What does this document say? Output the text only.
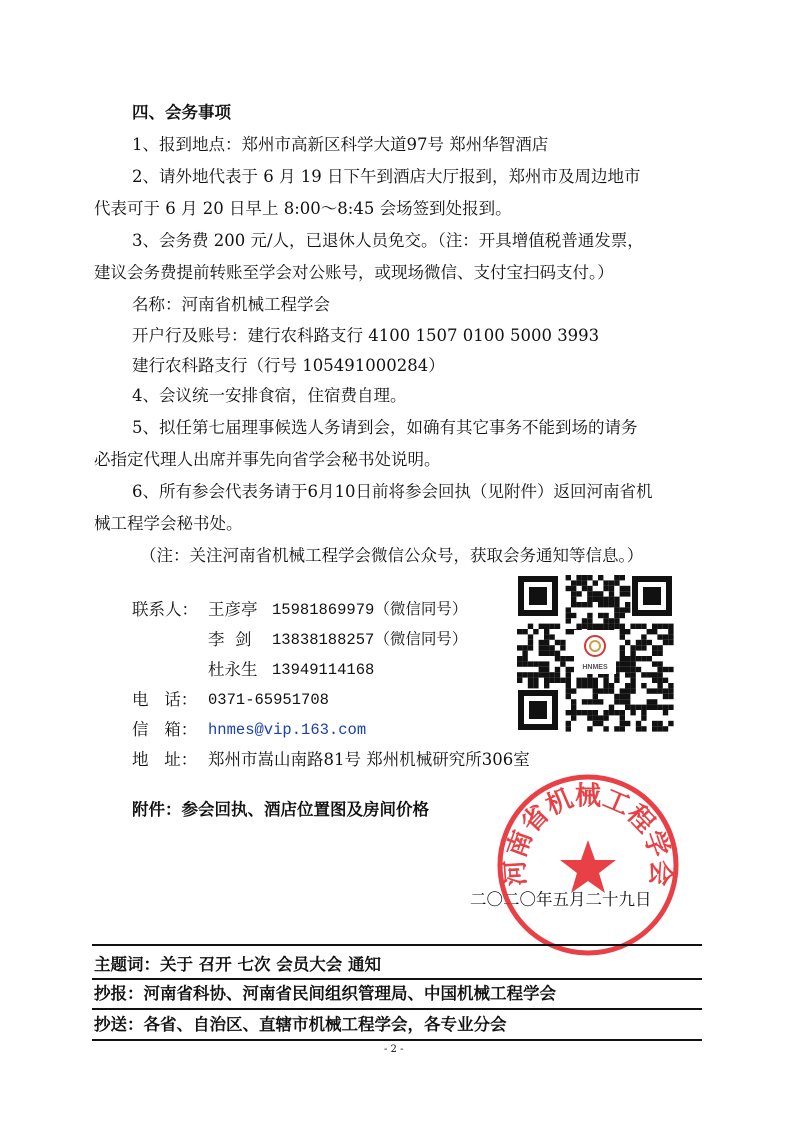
四、会务事项
1、报到地点：郑州市高新区科学大道97号 郑州华智酒店
2、请外地代表于 6 月 19 日下午到酒店大厅报到，郑州市及周边地市
代表可于 6 月 20 日早上 8:00～8:45 会场签到处报到。
3、会务费 200 元/人，已退休人员免交。（注：开具增值税普通发票，
建议会务费提前转账至学会对公账号，或现场微信、支付宝扫码支付。）
名称：河南省机械工程学会
开户行及账号：建行农科路支行 4100 1507 0100 5000 3993
建行农科路支行（行号 105491000284）
4、会议统一安排食宿，住宿费自理。
5、拟任第七届理事候选人务请到会，如确有其它事务不能到场的请务
必指定代理人出席并事先向省学会秘书处说明。
6、所有参会代表务请于6月10日前将参会回执（见附件）返回河南省机
械工程学会秘书处。
（注：关注河南省机械工程学会微信公众号，获取会务通知等信息。）
联系人： 王彦亭 15981869979（微信同号）
李  剑 13838188257（微信同号）
杜永生 13949114168
电   话： 0371-65951708
信   箱： hnmes@vip.163.com
地   址： 郑州市嵩山南路81号 郑州机械研究所306室
HNMES
附件：参会回执、酒店位置图及房间价格
二〇二〇年五月二十九日
河南省机械工程学会
主题词：关于 召开 七次 会员大会 通知
抄报：河南省科协、河南省民间组织管理局、中国机械工程学会
抄送：各省、自治区、直辖市机械工程学会，各专业分会
- 2 -
